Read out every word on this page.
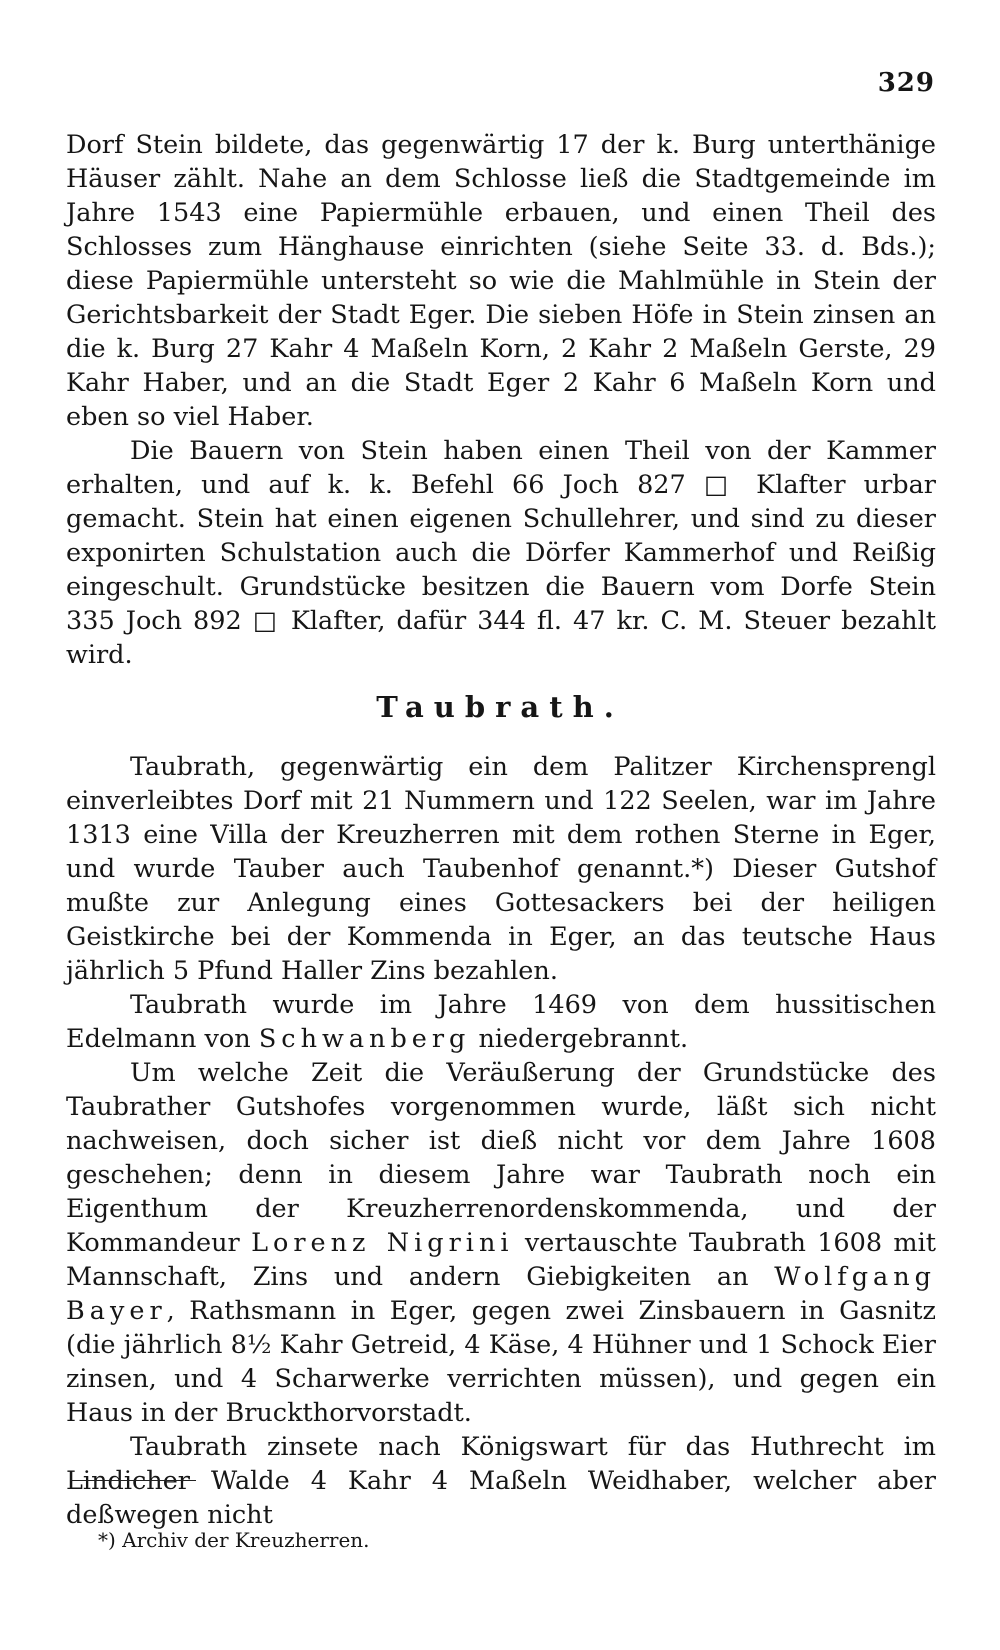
329

Dorf Stein bildete, das gegenwärtig 17 der k. Burg unterthänige Häuser zählt. Nahe an dem Schlosse ließ die Stadtgemeinde im Jahre 1543 eine Papiermühle erbauen, und einen Theil des Schlosses zum Hänghause einrichten (siehe Seite 33. d. Bds.); diese Papiermühle untersteht so wie die Mahlmühle in Stein der Gerichtsbarkeit der Stadt Eger. Die sieben Höfe in Stein zinsen an die k. Burg 27 Kahr 4 Maßeln Korn, 2 Kahr 2 Maßeln Gerste, 29 Kahr Haber, und an die Stadt Eger 2 Kahr 6 Maßeln Korn und eben so viel Haber.

Die Bauern von Stein haben einen Theil von der Kammer erhalten, und auf k. k. Befehl 66 Joch 827 □ Klafter urbar gemacht. Stein hat einen eigenen Schullehrer, und sind zu dieser exponirten Schulstation auch die Dörfer Kammerhof und Reißig eingeschult. Grundstücke besitzen die Bauern vom Dorfe Stein 335 Joch 892 □ Klafter, dafür 344 fl. 47 kr. C. M. Steuer bezahlt wird.

Taubrath.

Taubrath, gegenwärtig ein dem Palitzer Kirchensprengl einverleibtes Dorf mit 21 Nummern und 122 Seelen, war im Jahre 1313 eine Villa der Kreuzherren mit dem rothen Sterne in Eger, und wurde Tauber auch Taubenhof genannt.*) Dieser Gutshof mußte zur Anlegung eines Gottesackers bei der heiligen Geistkirche bei der Kommenda in Eger, an das teutsche Haus jährlich 5 Pfund Haller Zins bezahlen.

Taubrath wurde im Jahre 1469 von dem hussitischen Edelmann von Schwanberg niedergebrannt.

Um welche Zeit die Veräußerung der Grundstücke des Taubrather Gutshofes vorgenommen wurde, läßt sich nicht nachweisen, doch sicher ist dieß nicht vor dem Jahre 1608 geschehen; denn in diesem Jahre war Taubrath noch ein Eigenthum der Kreuzherrenordenskommenda, und der Kommandeur Lorenz Nigrini vertauschte Taubrath 1608 mit Mannschaft, Zins und andern Giebigkeiten an Wolfgang Bayer, Rathsmann in Eger, gegen zwei Zinsbauern in Gasnitz (die jährlich 8½ Kahr Getreid, 4 Käse, 4 Hühner und 1 Schock Eier zinsen, und 4 Scharwerke verrichten müssen), und gegen ein Haus in der Bruckthorvorstadt.

Taubrath zinsete nach Königswart für das Huthrecht im Lindicher Walde 4 Kahr 4 Maßeln Weidhaber, welcher aber deßwegen nicht

*) Archiv der Kreuzherren.
